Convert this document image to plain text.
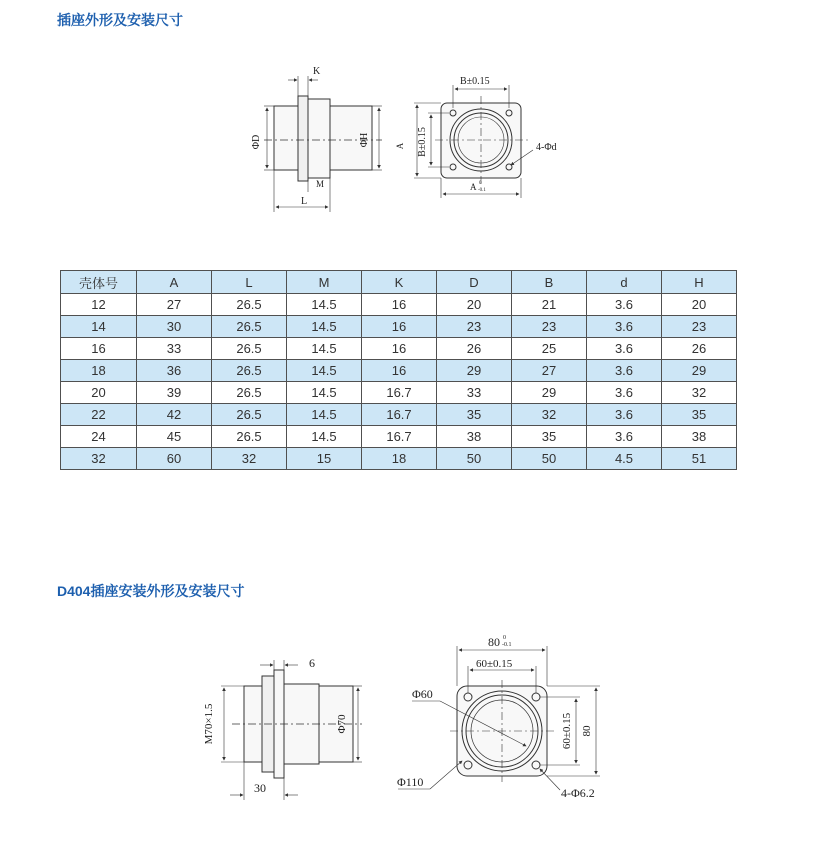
插座外形及安装尺寸
K
ΦD	ΦH
M
L
B±0.15
A B±0.15	4-Φd
A 0
-0.1
壳体号	A	L	M	K	D	B	d	H
12	27	26.5	14.5	16	20	21	3.6	20
14	30	26.5	14.5	16	23	23	3.6	23
16	33	26.5	14.5	16	26	25	3.6	26
18	36	26.5	14.5	16	29	27	3.6	29
20	39	26.5	14.5	16.7	33	29	3.6	32
22	42	26.5	14.5	16.7	35	32	3.6	35
24	45	26.5	14.5	16.7	38	35	3.6	38
32	60	32	15	18	50	50	4.5	51
D404插座安装外形及安装尺寸
6
M70×1.5	Φ70
30
80 0
-0.1
60±0.15
60±0.15 80
Φ60
Φ110
4-Φ6.2
